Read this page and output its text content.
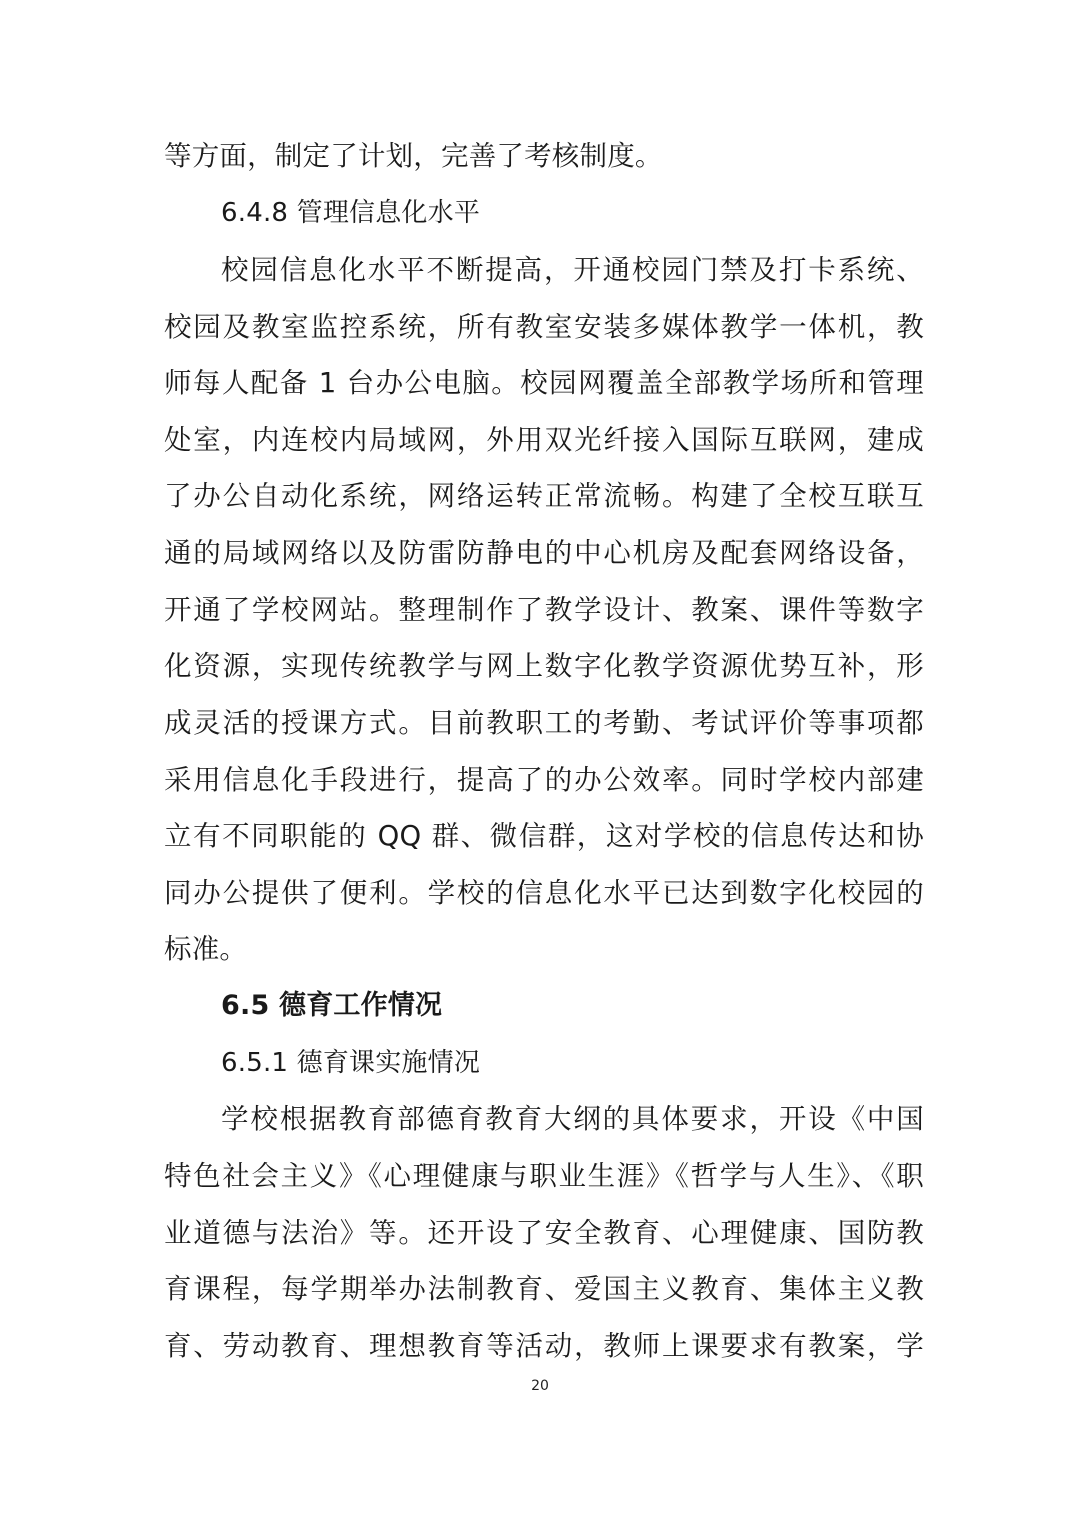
等方面，制定了计划，完善了考核制度。
6.4.8 管理信息化水平
校园信息化水平不断提高，开通校园门禁及打卡系统、
校园及教室监控系统，所有教室安装多媒体教学一体机，教
师每人配备 1 台办公电脑。校园网覆盖全部教学场所和管理
处室，内连校内局域网，外用双光纤接入国际互联网，建成
了办公自动化系统，网络运转正常流畅。构建了全校互联互
通的局域网络以及防雷防静电的中心机房及配套网络设备，
开通了学校网站。整理制作了教学设计、教案、课件等数字
化资源，实现传统教学与网上数字化教学资源优势互补，形
成灵活的授课方式。目前教职工的考勤、考试评价等事项都
采用信息化手段进行，提高了的办公效率。同时学校内部建
立有不同职能的 QQ 群、微信群，这对学校的信息传达和协
同办公提供了便利。学校的信息化水平已达到数字化校园的
标准。
6.5 德育工作情况
6.5.1 德育课实施情况
学校根据教育部德育教育大纲的具体要求，开设《中国
特色社会主义》《心理健康与职业生涯》《哲学与人生》、《职
业道德与法治》等。还开设了安全教育、心理健康、国防教
育课程，每学期举办法制教育、爱国主义教育、集体主义教
育、劳动教育、理想教育等活动，教师上课要求有教案，学
20
